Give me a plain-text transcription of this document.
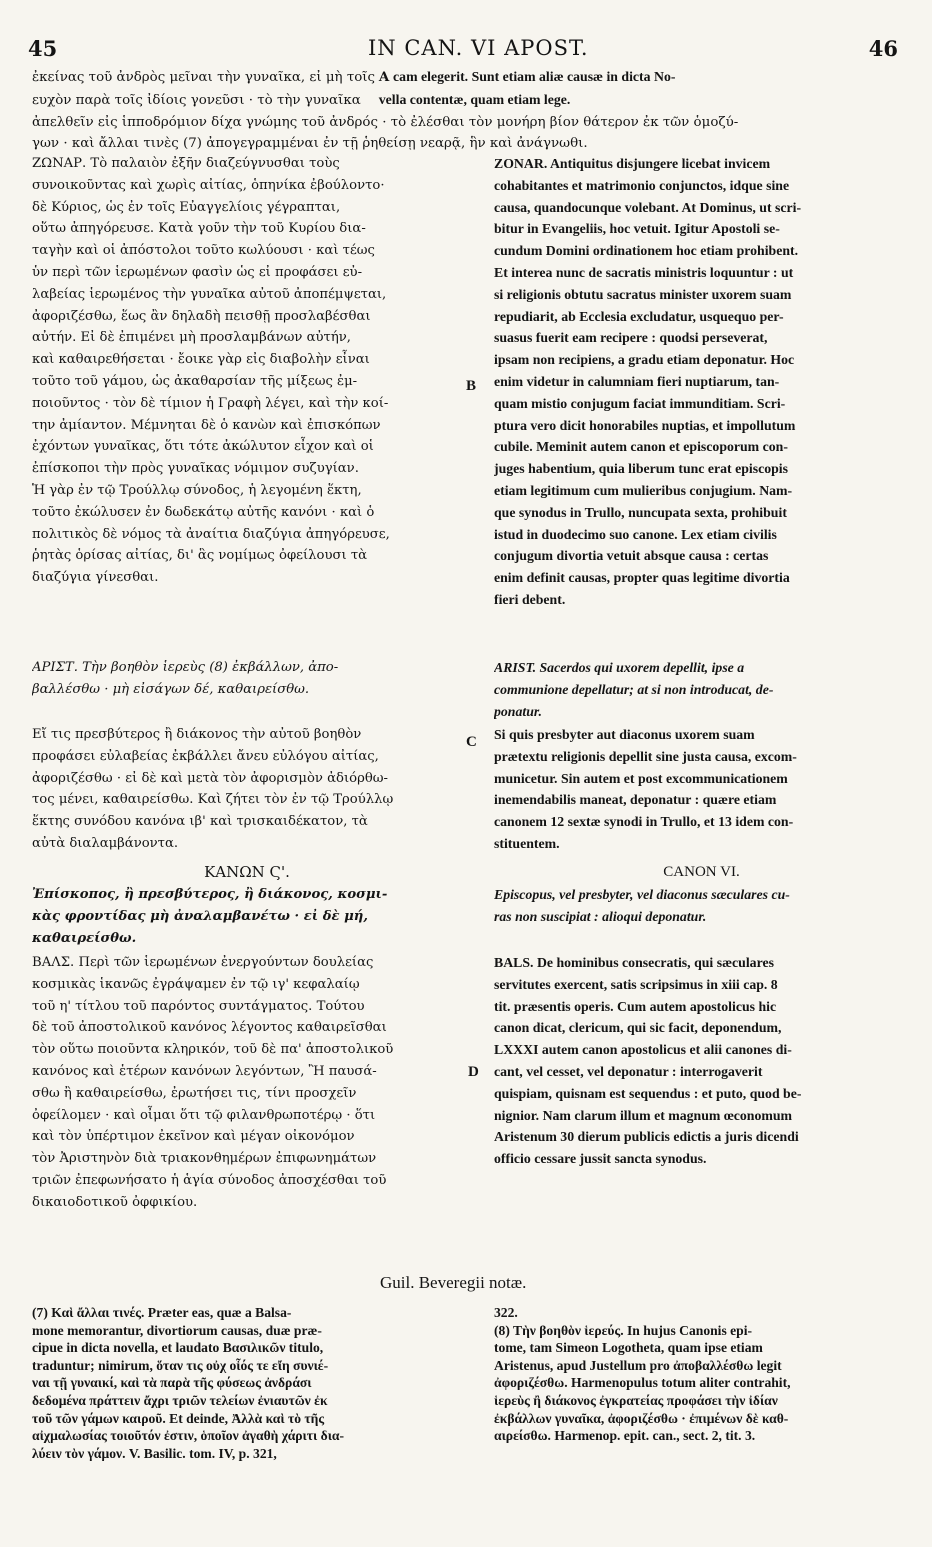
45	IN CAN. VI APOST.	46
ἐκείνας τοῦ ἀνδρὸς μεῖναι τὴν γυναῖκα, εἰ μὴ τοῖς A cam elegerit. Sunt etiam aliæ causæ in dicta No-
ευχὸν παρὰ τοῖς ἰδίοις γονεῦσι · τὸ τὴν γυναῖκα vella contentæ, quam etiam lege.
ἀπελθεῖν εἰς ἱπποδρόμιον δίχα γνώμης τοῦ ἀνδρός · τὸ ἐλέσθαι τὸν μονήρη βίον θάτερον ἐκ τῶν ὁμοζύ-
γων · καὶ ἄλλαι τινὲς (7) ἀπογεγραμμέναι ἐν τῇ ῥηθείσῃ νεαρᾷ, ἣν καὶ ἀνάγνωθι.
ΖΩΝΑΡ. Τὸ παλαιὸν ἐξῆν διαζεύγνυσθαι τοὺς
συνοικοῦντας καὶ χωρὶς αἰτίας, ὁπηνίκα ἐβούλοντο·
δὲ Κύριος, ὡς ἐν τοῖς Εὐαγγελίοις γέγραπται,
οὕτω ἀπηγόρευσε. Κατὰ γοῦν τὴν τοῦ Κυρίου δια-
ταγὴν καὶ οἱ ἀπόστολοι τοῦτο κωλύουσι · καὶ τέως
ὑν περὶ τῶν ἱερωμένων φασὶν ὡς εἰ προφάσει εὐ-
λαβείας ἱερωμένος τὴν γυναῖκα αὐτοῦ ἀποπέμψεται,
ἀφοριζέσθω, ἕως ἂν δηλαδὴ πεισθῇ προσλαβέσθαι
αὐτήν. Εἰ δὲ ἐπιμένει μὴ προσλαμβάνων αὐτήν,
καὶ καθαιρεθήσεται · ἔοικε γὰρ εἰς διαβολὴν εἶναι
τοῦτο τοῦ γάμου, ὡς ἀκαθαρσίαν τῆς μίξεως ἐμ-
ποιοῦντος · τὸν δὲ τίμιον ἡ Γραφὴ λέγει, καὶ τὴν κοί-
την ἀμίαντον. Μέμνηται δὲ ὁ κανὼν καὶ ἐπισκόπων
ἐχόντων γυναῖκας, ὅτι τότε ἀκώλυτον εἶχον καὶ οἱ
ἐπίσκοποι τὴν πρὸς γυναῖκας νόμιμον συζυγίαν.
Ἡ γὰρ ἐν τῷ Τρούλλῳ σύνοδος, ἡ λεγομένη ἕκτη,
τοῦτο ἐκώλυσεν ἐν δωδεκάτῳ αὐτῆς κανόνι · καὶ ὁ
πολιτικὸς δὲ νόμος τὰ ἀναίτια διαζύγια ἀπηγόρευσε,
ῥητὰς ὁρίσας αἰτίας, δι' ἃς νομίμως ὀφείλουσι τὰ
διαζύγια γίνεσθαι.
B
ZONAR. Antiquitus disjungere licebat invicem
cohabitantes et matrimonio conjunctos, idque sine
causa, quandocunque volebant. At Dominus, ut scri-
bitur in Evangeliis, hoc vetuit. Igitur Apostoli se-
cundum Domini ordinationem hoc etiam prohibent.
Et interea nunc de sacratis ministris loquuntur : ut
si religionis obtutu sacratus minister uxorem suam
repudiarit, ab Ecclesia excludatur, usquequo per-
suasus fuerit eam recipere : quodsi perseverat,
ipsam non recipiens, a gradu etiam deponatur. Hoc
enim videtur in calumniam fieri nuptiarum, tan-
quam mistio conjugum faciat immunditiam. Scri-
ptura vero dicit honorabiles nuptias, et impollutum
cubile. Meminit autem canon et episcoporum con-
juges habentium, quia liberum tunc erat episcopis
etiam legitimum cum mulieribus conjugium. Nam-
que synodus in Trullo, nuncupata sexta, prohibuit
istud in duodecimo suo canone. Lex etiam civilis
conjugum divortia vetuit absque causa : certas
enim definit causas, propter quas legitime divortia
fieri debent.
ΑΡΙΣΤ. Τὴν βοηθὸν ἱερεὺς (8) ἐκβάλλων, ἀπο-
βαλλέσθω · μὴ εἰσάγων δέ, καθαιρείσθω.
ARIST. Sacerdos qui uxorem depellit, ipse a
communione depellatur; at si non introducat, de-
ponatur.
Εἴ τις πρεσβύτερος ἢ διάκονος τὴν αὐτοῦ βοηθὸν
προφάσει εὐλαβείας ἐκβάλλει ἄνευ εὐλόγου αἰτίας,
ἀφοριζέσθω · εἰ δὲ καὶ μετὰ τὸν ἀφορισμὸν ἀδιόρθω-
τος μένει, καθαιρείσθω. Καὶ ζήτει τὸν ἐν τῷ Τρούλλῳ
ἕκτης συνόδου κανόνα ιβ' καὶ τρισκαιδέκατον, τὰ
αὐτὰ διαλαμβάνοντα.
C Si quis presbyter aut diaconus uxorem suam
prætextu religionis depellit sine justa causa, excom-
municetur. Sin autem et post excommunicationem
inemendabilis maneat, deponatur : quære etiam
canonem 12 sextæ synodi in Trullo, et 13 idem con-
stituentem.
ΚΑΝΩΝ Ϛ'.	CANON VI.
Ἐπίσκοπος, ἢ πρεσβύτερος, ἢ διάκονος, κοσμι-
κὰς φροντίδας μὴ ἀναλαμβανέτω · εἰ δὲ μή,
καθαιρείσθω.
Episcopus, vel presbyter, vel diaconus sæculares cu-
ras non suscipiat : alioqui deponatur.
ΒΑΛΣ. Περὶ τῶν ἱερωμένων ἐνεργούντων δουλείας
κοσμικὰς ἱκανῶς ἐγράψαμεν ἐν τῷ ιγ' κεφαλαίῳ
τοῦ η' τίτλου τοῦ παρόντος συντάγματος. Τούτου
δὲ τοῦ ἀποστολικοῦ κανόνος λέγοντος καθαιρεῖσθαι
τὸν οὕτω ποιοῦντα κληρικόν, τοῦ δὲ πα' ἀποστολικοῦ
κανόνος καὶ ἑτέρων κανόνων λεγόντων, Ἢ παυσά-
σθω ἢ καθαιρείσθω, ἐρωτήσει τις, τίνι προσχεῖν
ὀφείλομεν · καὶ οἶμαι ὅτι τῷ φιλανθρωποτέρῳ · ὅτι
καὶ τὸν ὑπέρτιμον ἐκεῖνον καὶ μέγαν οἰκονόμον
τὸν Ἀριστηνὸν διὰ τριακονθημέρων ἐπιφωνημάτων
τριῶν ἐπεφωνήσατο ἡ ἁγία σύνοδος ἀποσχέσθαι τοῦ
δικαιοδοτικοῦ ὀφφικίου.
D
BALS. De hominibus consecratis, qui sæculares
servitutes exercent, satis scripsimus in xiii cap. 8
tit. præsentis operis. Cum autem apostolicus hic
canon dicat, clericum, qui sic facit, deponendum,
LXXXI autem canon apostolicus et alii canones di-
cant, vel cesset, vel deponatur : interrogaverit
quispiam, quisnam est sequendus : et puto, quod be-
nignior. Nam clarum illum et magnum œconomum
Aristenum 30 dierum publicis edictis a juris dicendi
officio cessare jussit sancta synodus.
Guil. Beveregii notæ.
(7) Καὶ ἄλλαι τινές. Præter eas, quæ a Balsa-
mone memorantur, divortiorum causas, duæ præ-
cipue in dicta novella, et laudato Βασιλικῶν titulo,
traduntur; nimirum, ὅταν τις οὐχ οἷός τε εἴη συνιέ-
ναι τῇ γυναικί, καὶ τὰ παρὰ τῆς φύσεως ἀνδράσι
δεδομένα πράττειν ἄχρι τριῶν τελείων ἐνιαυτῶν ἐκ
τοῦ τῶν γάμων καιροῦ. Et deinde, Ἀλλὰ καὶ τὸ τῆς
αἰχμαλωσίας τοιοῦτόν ἐστιν, ὁποῖον ἀγαθὴ χάριτι δια-
λύειν τὸν γάμον. V. Basilic. tom. IV, p. 321,
322.
(8) Τὴν βοηθὸν ἱερεύς. In hujus Canonis epi-
tome, tam Simeon Logotheta, quam ipse etiam
Aristenus, apud Justellum pro ἀποβαλλέσθω legit
ἀφοριζέσθω. Harmenopulus totum aliter contrahit,
ἱερεὺς ἢ διάκονος ἐγκρατείας προφάσει τὴν ἰδίαν
ἐκβάλλων γυναῖκα, ἀφοριζέσθω · ἐπιμένων δὲ καθ-
αιρείσθω. Harmenop. epit. can., sect. 2, tit. 3.
